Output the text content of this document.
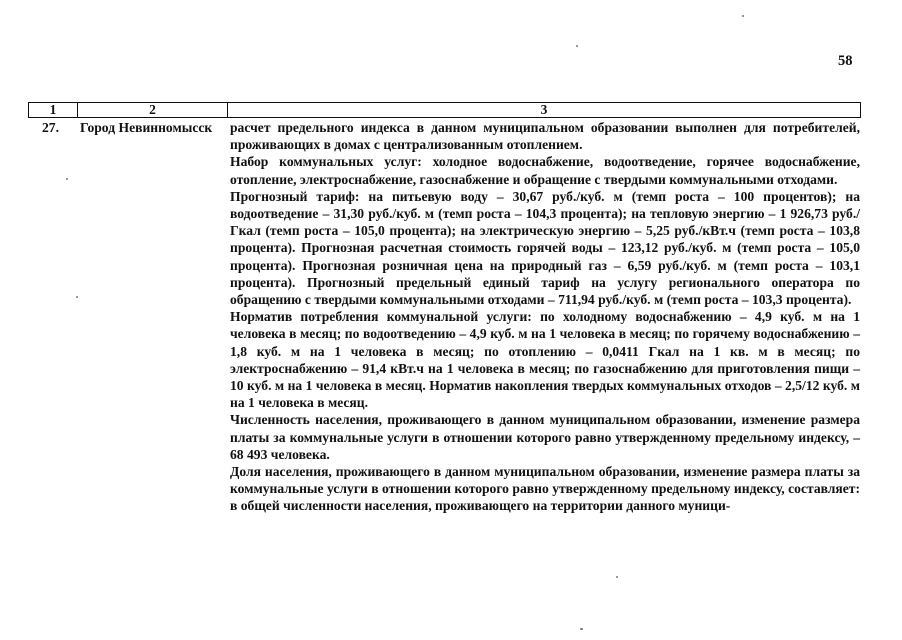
58
1	2	3
27.	Город Невинномысск	расчет предельного индекса в данном муниципальном образовании выполнен для потребителей, проживающих в домах с централизованным отоплением.

Набор коммунальных услуг: холодное водоснабжение, водоотведение, горячее водоснабжение, отопление, электроснабжение, газоснабжение и обращение с твердыми коммунальными отходами.

Прогнозный тариф: на питьевую воду – 30,67 руб./куб. м (темп роста – 100 процентов); на водоотведение – 31,30 руб./куб. м (темп роста – 104,3 процента); на тепловую энергию – 1 926,73 руб./Гкал (темп роста – 105,0 процента); на электрическую энергию – 5,25 руб./кВт.ч (темп роста – 103,8 процента). Прогнозная расчетная стоимость горячей воды – 123,12 руб./куб. м (темп роста – 105,0 процента). Прогнозная розничная цена на природный газ – 6,59 руб./куб. м (темп роста – 103,1 процента). Прогнозный предельный единый тариф на услугу регионального оператора по обращению с твердыми коммунальными отходами – 711,94 руб./куб. м (темп роста – 103,3 процента).

Норматив потребления коммунальной услуги: по холодному водоснабжению – 4,9 куб. м на 1 человека в месяц; по водоотведению – 4,9 куб. м на 1 человека в месяц; по горячему водоснабжению – 1,8 куб. м на 1 человека в месяц; по отоплению – 0,0411 Гкал на 1 кв. м в месяц; по электроснабжению – 91,4 кВт.ч на 1 человека в месяц; по газоснабжению для приготовления пищи – 10 куб. м на 1 человека в месяц. Норматив накопления твердых коммунальных отходов – 2,5/12 куб. м на 1 человека в месяц.

Численность населения, проживающего в данном муниципальном образовании, изменение размера платы за коммунальные услуги в отношении которого равно утвержденному предельному индексу, – 68 493 человека.

Доля населения, проживающего в данном муниципальном образовании, изменение размера платы за коммунальные услуги в отношении которого равно утвержденному предельному индексу, составляет: в общей численности населения, проживающего на территории данного муници-
